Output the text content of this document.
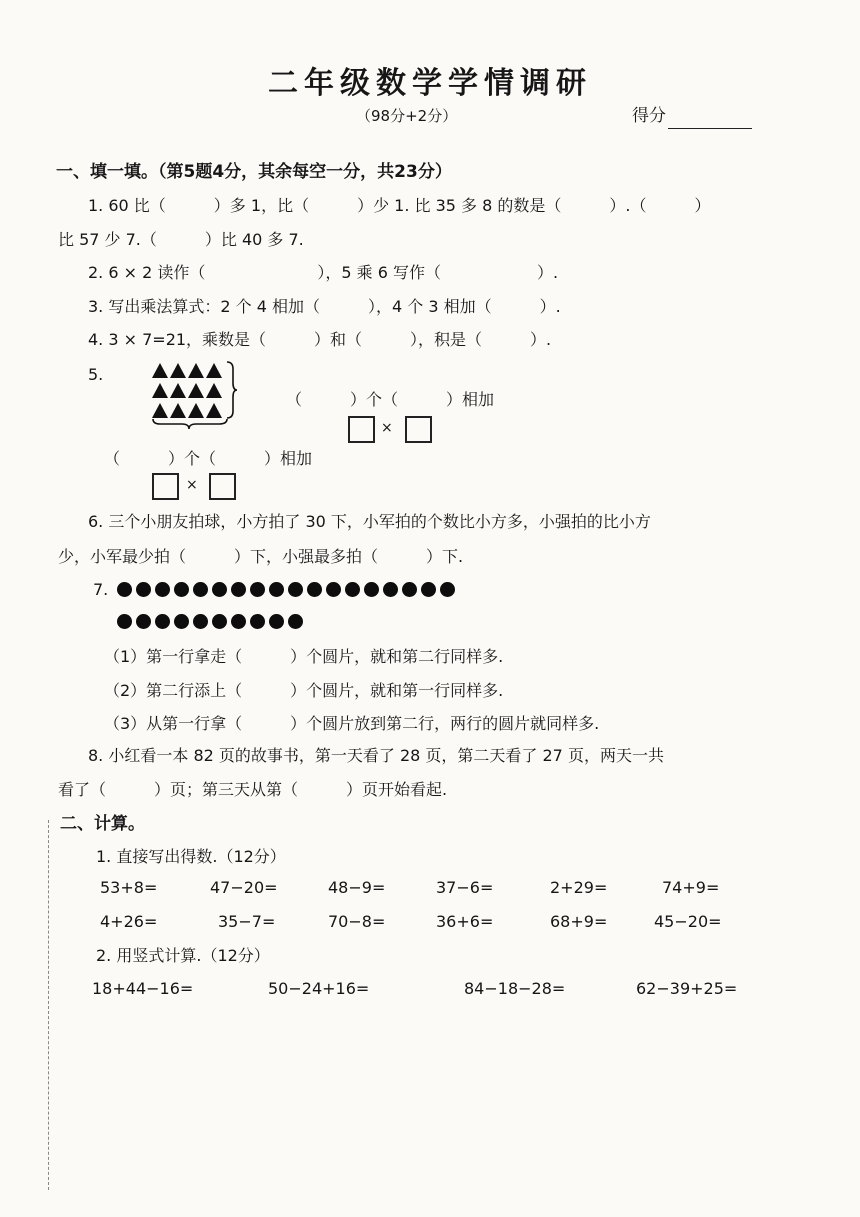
二年级数学学情调研
（98分+2分）	得分
一、填一填。（第5题4分，其余每空一分，共23分）
1. 60 比（　　　）多 1，比（　　　）少 1. 比 35 多 8 的数是（　　　）.（　　　）
比 57 少 7.（　　　）比 40 多 7.
2. 6 × 2 读作（　　　　　　　），5 乘 6 写作（　　　　　　）.
3. 写出乘法算式：2 个 4 相加（　　　），4 个 3 相加（　　　）.
4. 3 × 7=21，乘数是（　　　）和（　　　），积是（　　　）.
5.
（　　　）个（　　　）相加
×
（　　　）个（　　　）相加
×
6. 三个小朋友拍球，小方拍了 30 下，小军拍的个数比小方多，小强拍的比小方
少，小军最少拍（　　　）下，小强最多拍（　　　）下.
7.
（1）第一行拿走（　　　）个圆片，就和第二行同样多.
（2）第二行添上（　　　）个圆片，就和第一行同样多.
（3）从第一行拿（　　　）个圆片放到第二行，两行的圆片就同样多.
8. 小红看一本 82 页的故事书，第一天看了 28 页，第二天看了 27 页，两天一共
看了（　　　）页；第三天从第（　　　）页开始看起.
二、计算。
1. 直接写出得数.（12分）
53+8=	47−20=	48−9=	37−6=	2+29=	74+9=
4+26=	35−7=	70−8=	36+6=	68+9=	45−20=
2. 用竖式计算.（12分）
18+44−16=	50−24+16=	84−18−28=	62−39+25=
